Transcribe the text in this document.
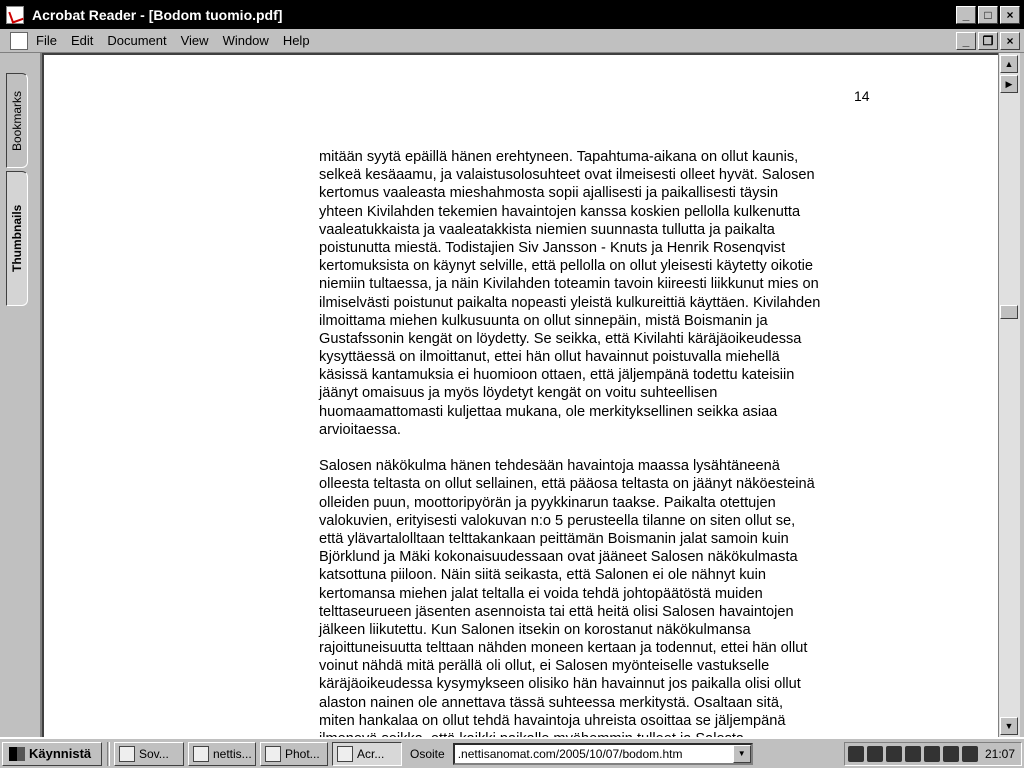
Acrobat Reader - [Bodom tuomio.pdf]	_	□	×
File Edit Document View Window Help	_	❐	×
Bookmarks
Thumbnails
14
mitään syytä epäillä hänen erehtyneen. Tapahtuma-aikana on ollut kaunis,
selkeä kesäaamu, ja valaistusolosuhteet ovat ilmeisesti olleet hyvät. Salosen
kertomus vaaleasta mieshahmosta sopii ajallisesti ja paikallisesti täysin
yhteen Kivilahden tekemien havaintojen kanssa koskien pellolla kulkenutta
vaaleatukkaista ja vaaleatakkista niemien suunnasta tullutta ja paikalta
poistunutta miestä. Todistajien Siv Jansson - Knuts ja Henrik Rosenqvist
kertomuksista on käynyt selville, että pellolla on ollut yleisesti käytetty oikotie
niemiin tultaessa, ja näin Kivilahden toteamin tavoin kiireesti liikkunut mies on
ilmiselvästi poistunut paikalta nopeasti yleistä kulkureittiä käyttäen. Kivilahden
ilmoittama miehen kulkusuunta on ollut sinnepäin, mistä Boismanin ja
Gustafssonin kengät on löydetty. Se seikka, että Kivilahti käräjäoikeudessa
kysyttäessä on ilmoittanut, ettei hän ollut havainnut poistuvalla miehellä
käsissä kantamuksia ei huomioon ottaen, että jäljempänä todettu kateisiin
jäänyt omaisuus ja myös löydetyt kengät on voitu suhteellisen
huomaamattomasti kuljettaa mukana, ole merkityksellinen seikka asiaa
arvioitaessa.
Salosen näkökulma hänen tehdesään havaintoja maassa lysähtäneenä
olleesta teltasta on ollut sellainen, että pääosa teltasta on jäänyt näköesteinä
olleiden puun, moottoripyörän ja pyykkinarun taakse. Paikalta otettujen
valokuvien, erityisesti valokuvan n:o 5 perusteella tilanne on siten ollut se,
että ylävartalolltaan telttakankaan peittämän Boismanin jalat samoin kuin
Björklund ja Mäki kokonaisuudessaan ovat jääneet Salosen näkökulmasta
katsottuna piiloon. Näin siitä seikasta, että Salonen ei ole nähnyt kuin
kertomansa miehen jalat teltalla ei voida tehdä johtopäätöstä muiden
telttaseurueen jäsenten asennoista tai että heitä olisi Salosen havaintojen
jälkeen liikutettu. Kun Salonen itsekin on korostanut näkökulmansa
rajoittuneisuutta telttaan nähden moneen kertaan ja todennut, ettei hän ollut
voinut nähdä mitä perällä oli ollut, ei Salosen myönteiselle vastukselle
käräjäoikeudessa kysymykseen olisiko hän havainnut jos paikalla olisi ollut
alaston nainen ole annettava tässä suhteessa merkitystä. Osaltaan sitä,
miten hankalaa on ollut tehdä havaintoja uhreista osoittaa se jäljempänä
▲
▶
▼
Käynnistä	Sov...	nettis...	Phot...	Acr... Osoite .nettisanomat.com/2005/10/07/bodom.htm	▼	21:07
